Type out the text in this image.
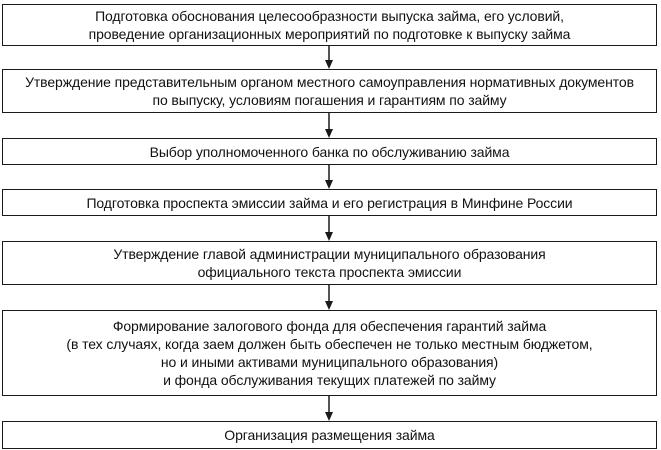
Подготовка обоснования целесообразности выпуска займа, его условий,
проведение организационных мероприятий по подготовке к выпуску займа
Утверждение представительным органом местного самоуправления нормативных документов
по выпуску, условиям погашения и гарантиям по займу
Выбор уполномоченного банка по обслуживанию займа
Подготовка проспекта эмиссии займа и его регистрация в Минфине России
Утверждение главой администрации муниципального образования
официального текста проспекта эмиссии
Формирование залогового фонда для обеспечения гарантий займа
(в тех случаях, когда заем должен быть обеспечен не только местным бюджетом,
но и иными активами муниципального образования)
и фонда обслуживания текущих платежей по займу
Организация размещения займа
